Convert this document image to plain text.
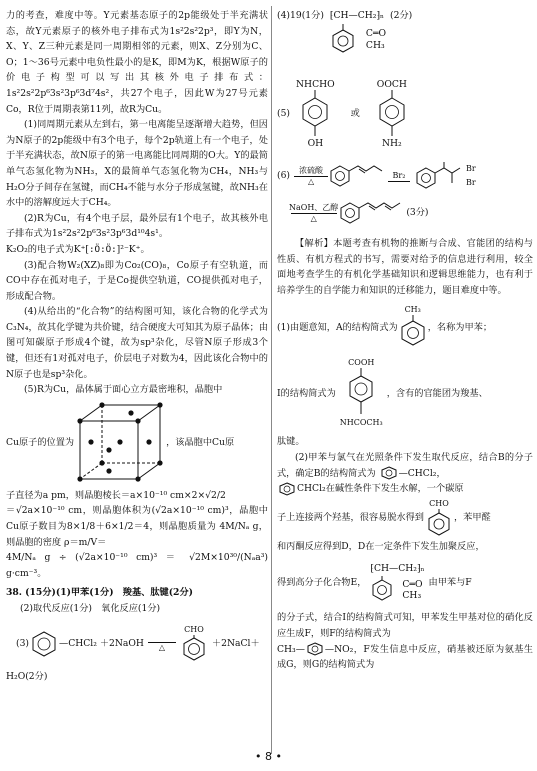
力的考查，难度中等。Y元素基态原子的2p能级处于半充满状态，故Y元素原子的核外电子排布式为1s²2s²2p³，即Y为N，X、Y、Z三种元素是同一周期相邻的元素，则X、Z分别为C、O；1～36号元素中电负性最小的是K，即M为K，根据W原子的价电子构型可以写出其核外电子排布式：1s²2s²2p⁶3s²3p⁶3d⁷4s²，共27个电子，因此W为27号元素Co，R位于周期表第11列，故R为Cu。

(1)同周期元素从左到右，第一电离能呈逐渐增大趋势，但因为N原子的2p能级中有3个电子，每个2p轨道上有一个电子，处于半充满状态，故N原子的第一电离能比同周期的O大。Y的最简单气态氢化物为NH₃，X的最简单气态氢化物为CH₄，NH₃与H₂O分子间存在氢键，而CH₄不能与水分子形成氢键，故NH₃在水中的溶解度远大于CH₄。

(2)R为Cu，有4个电子层，最外层有1个电子，故其核外电子排布式为1s²2s²2p⁶3s²3p⁶3d¹⁰4s¹。

K₂O₂的电子式为K⁺[:Ö:Ö:]²⁻K⁺。

(3)配合物W₂(XZ)₈即为Co₂(CO)₈，Co原子有空轨道，而CO中存在孤对电子，于是Co提供空轨道，CO提供孤对电子，形成配合物。

(4)从给出的“化合物”的结构图可知，该化合物的化学式为C₃N₄，故其化学键为共价键，结合硬度大可知其为原子晶体；由图可知碳原子形成4个键，故为sp³杂化，尽管N原子形成3个键，但还有1对孤对电子，价层电子对数为4，因此该化合物中的N原子也是sp³杂化。

(5)R为Cu，晶体属于面心立方最密堆积，晶胞中

Cu原子的位置为	，该晶胞中Cu原

子直径为a pm，则晶胞棱长＝a×10⁻¹⁰ cm×2×√2/2

＝√2a×10⁻¹⁰ cm，则晶胞体积为(√2a×10⁻¹⁰ cm)³，晶胞中Cu原子数目为8×1/8＋6×1/2＝4，则晶胞质量为 4M/Nₐ g，则晶胞的密度 ρ＝m/V＝

4M/Nₐ g ÷ (√2a×10⁻¹⁰ cm)³ ＝ √2M×10³⁰/(Nₐa³) g·cm⁻³。

38. (15分)(1)甲苯(1分)　羧基、肽键(2分)

(2)取代反应(1分)　氧化反应(1分)

(3)	—CHCl₂ ＋2NaOH △
CHO
＋2NaCl＋

H₂O(2分)

(4)19(1分) ⁅CH—CH₂⁆ₙ
C═O
CH₃
(2分)
(5)
NHCHO
OH
或
OOCH
NH₂
(6)
浓硫酸
△
Br₂
Br
Br
NaOH、乙醇
△	(3分)

【解析】本题考查有机物的推断与合成、官能团的结构与性质、有机方程式的书写，需要对给予的信息进行利用，较全面地考查学生的有机化学基础知识和逻辑思维能力，也有利于培养学生的自学能力和知识的迁移能力，题目难度中等。

(1)由题意知，A的结构简式为
CH₃
，名称为甲苯；
I的结构简式为
COOH
NHCOCH₃
，含有的官能团为羧基、

肽键。

(2)甲苯与氯气在光照条件下发生取代反应，结合B的分子式，确定B的结构简式为 —CHCl₂，

CHCl₂在碱性条件下发生水解，一个碳原

子上连接两个羟基，很容易脱水得到
CHO
，苯甲醛

和丙酮反应得到D，D在一定条件下发生加聚反应，

得到高分子化合物E，
⁅CH—CH₂⁆ₙ
C═O
CH₃
由甲苯与F

的分子式，结合I的结构简式可知，甲苯发生甲基对位的硝化反应生成F，则F的结构简式为

CH₃— —NO₂，F发生信息中反应，硝基被还原为氨基生成G，则G的结构简式为

• 8 •
